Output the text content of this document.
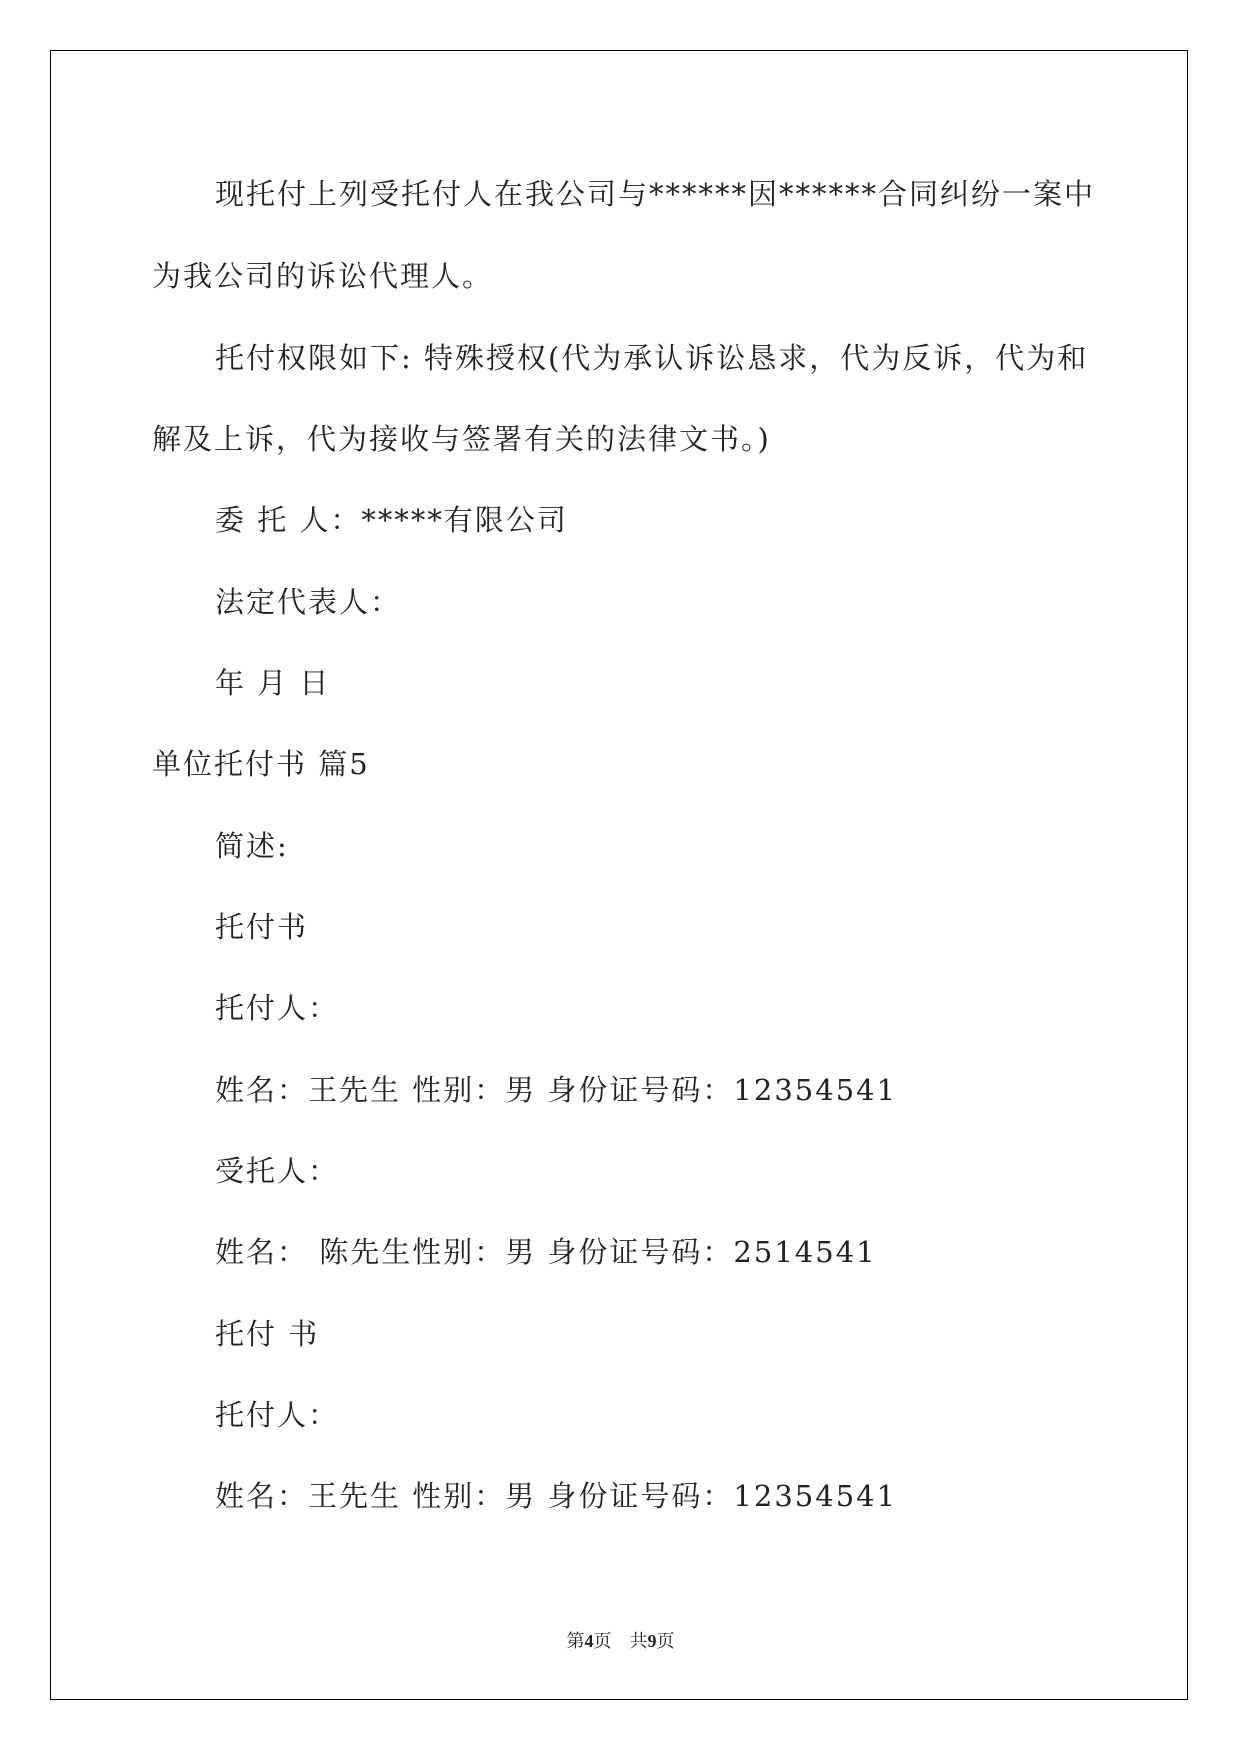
现托付上列受托付人在我公司与******因******合同纠纷一案中

为我公司的诉讼代理人。

托付权限如下: 特殊授权(代为承认诉讼恳求，代为反诉，代为和

解及上诉，代为接收与签署有关的法律文书。)

委 托 人：*****有限公司

法定代表人：

年 月 日

单位托付书 篇5

简述:

托付书

托付人：

姓名：王先生 性别：男 身份证号码：12354541

受托人：

姓名： 陈先生性别：男 身份证号码：2514541

托付 书

托付人：

姓名：王先生 性别：男 身份证号码：12354541

第4页　共9页
